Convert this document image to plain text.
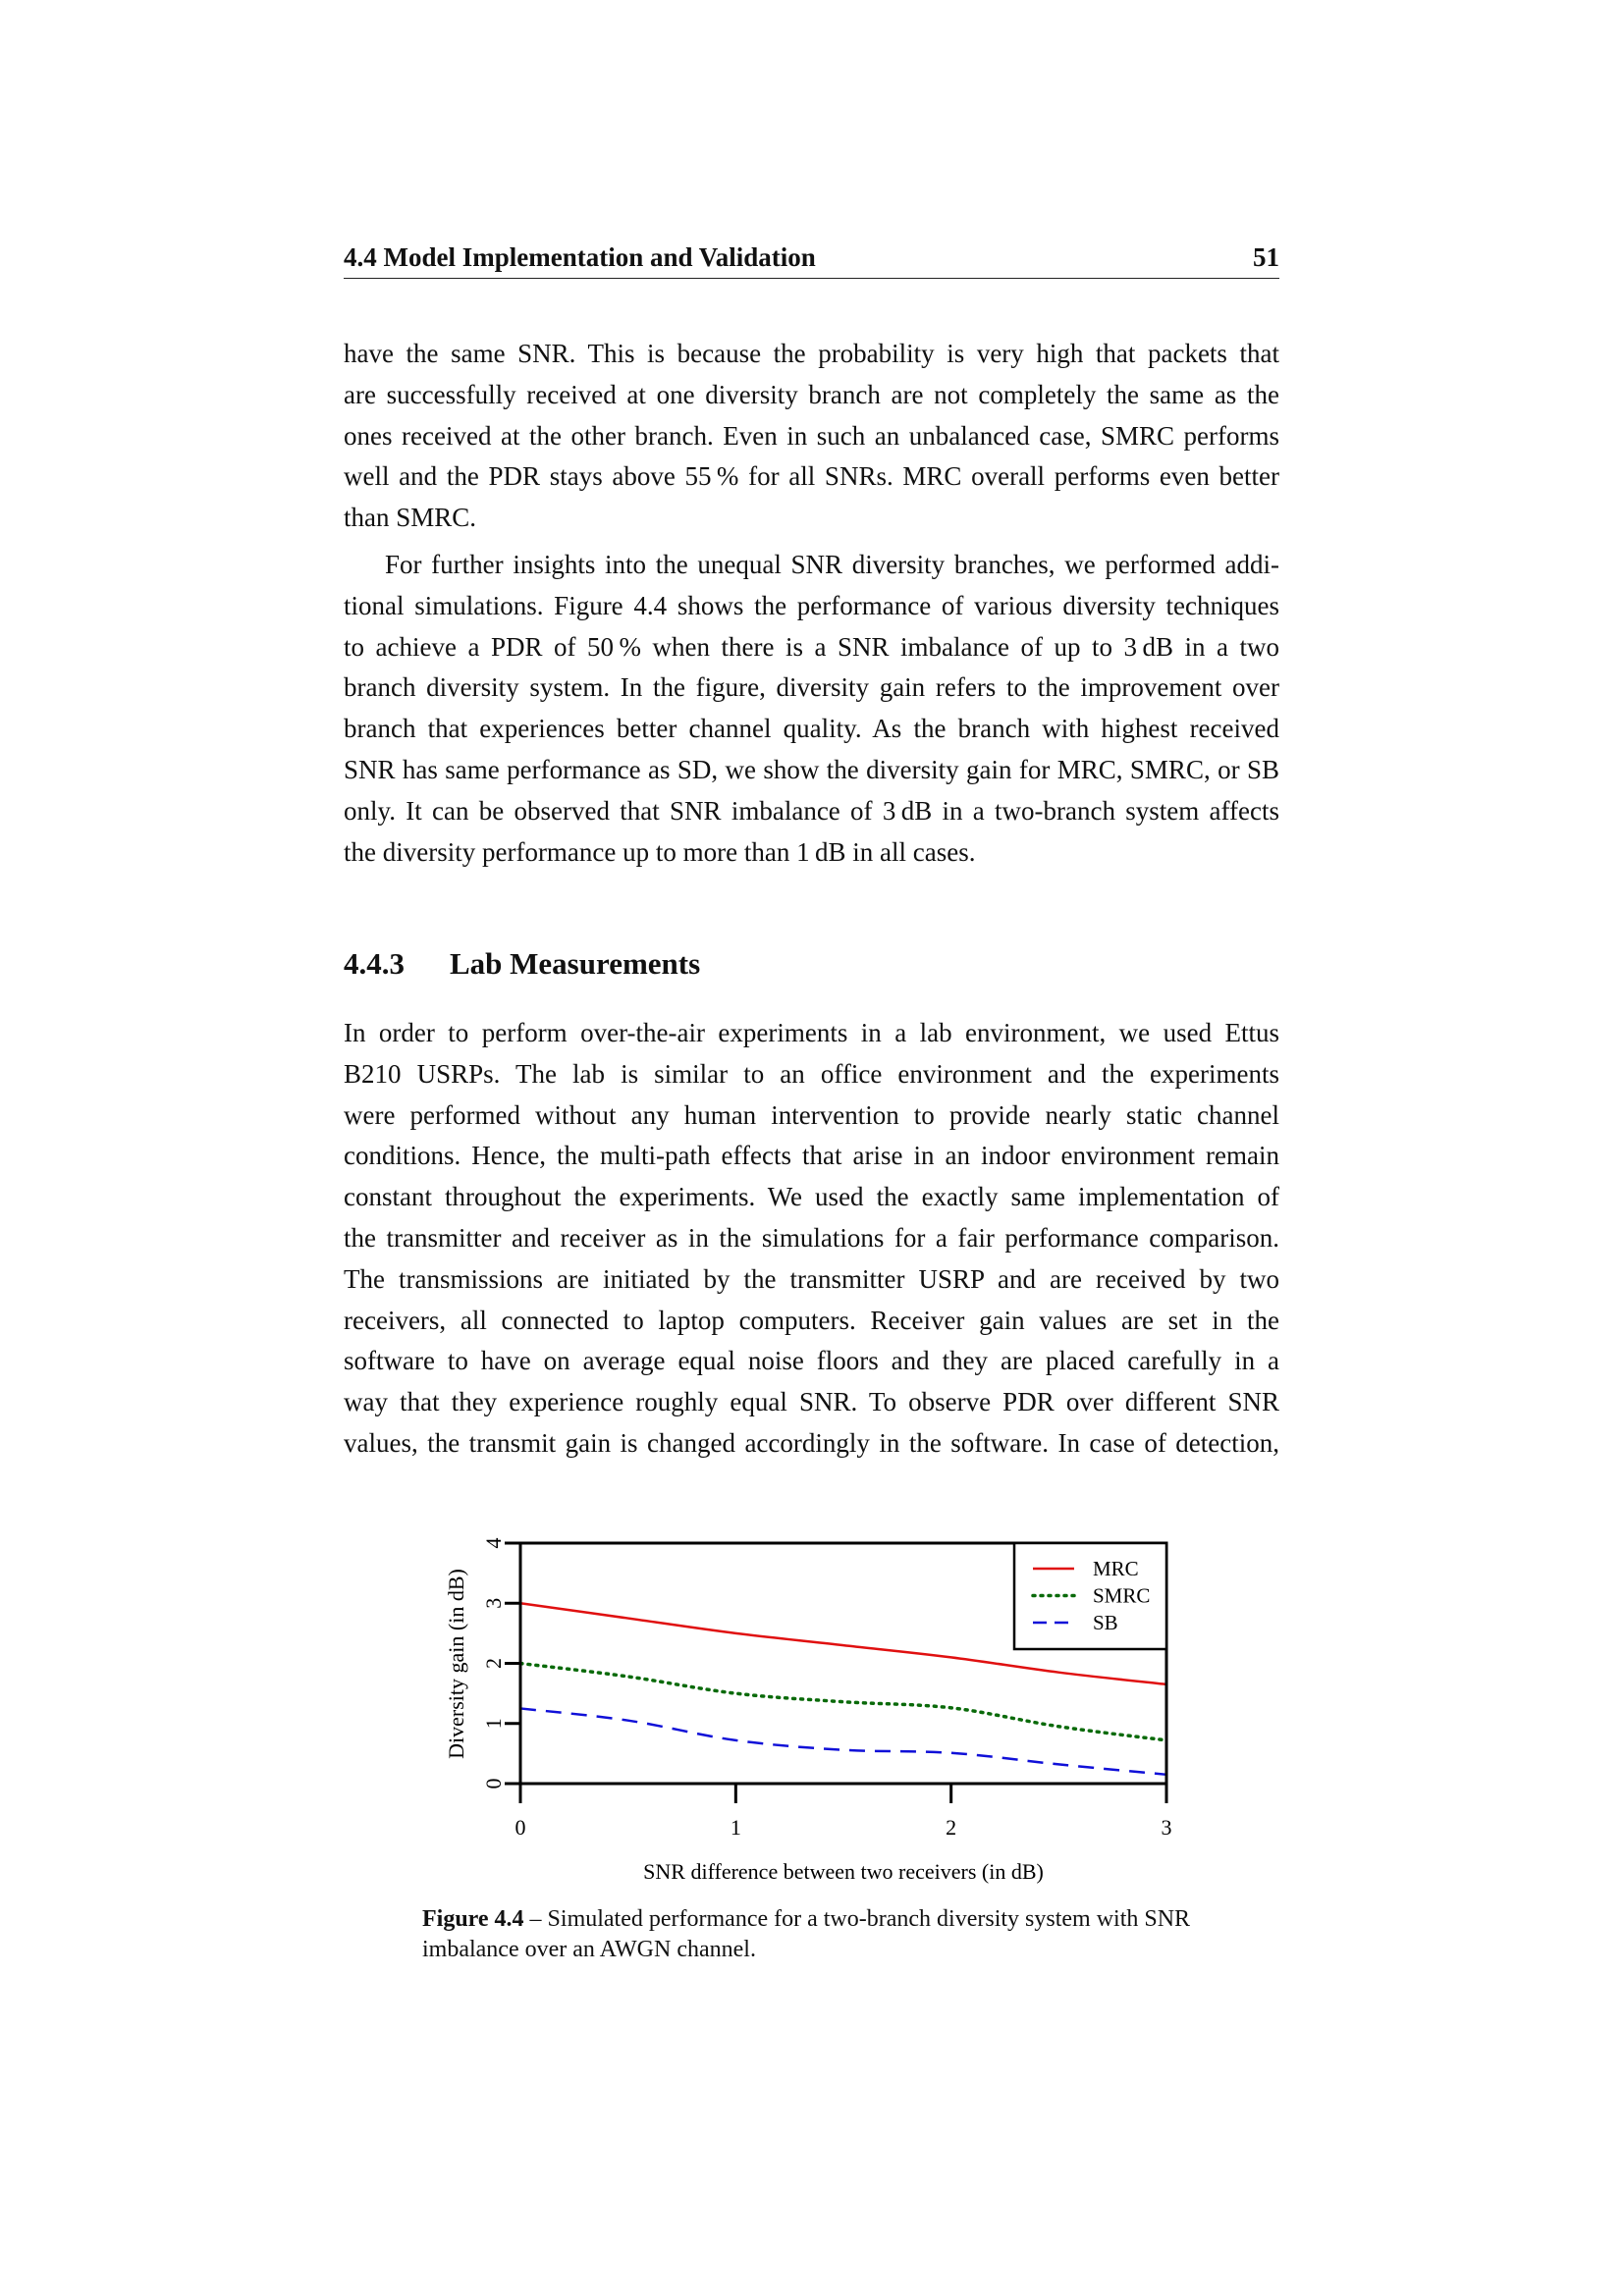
4.4 Model Implementation and Validation	51
have the same SNR. This is because the probability is very high that packets that
are successfully received at one diversity branch are not completely the same as the
ones received at the other branch. Even in such an unbalanced case, SMRC performs
well and the PDR stays above 55 % for all SNRs. MRC overall performs even better
than SMRC.
For further insights into the unequal SNR diversity branches, we performed addi-
tional simulations. Figure 4.4 shows the performance of various diversity techniques
to achieve a PDR of 50 % when there is a SNR imbalance of up to 3 dB in a two
branch diversity system. In the figure, diversity gain refers to the improvement over
branch that experiences better channel quality. As the branch with highest received
SNR has same performance as SD, we show the diversity gain for MRC, SMRC, or SB
only. It can be observed that SNR imbalance of 3 dB in a two-branch system affects
the diversity performance up to more than 1 dB in all cases.
4.4.3 Lab Measurements
In order to perform over-the-air experiments in a lab environment, we used Ettus
B210 USRPs. The lab is similar to an office environment and the experiments
were performed without any human intervention to provide nearly static channel
conditions. Hence, the multi-path effects that arise in an indoor environment remain
constant throughout the experiments. We used the exactly same implementation of
the transmitter and receiver as in the simulations for a fair performance comparison.
The transmissions are initiated by the transmitter USRP and are received by two
receivers, all connected to laptop computers. Receiver gain values are set in the
software to have on average equal noise floors and they are placed carefully in a
way that they experience roughly equal SNR. To observe PDR over different SNR
values, the transmit gain is changed accordingly in the software. In case of detection,
0
1
2
3
4
0	1	2	3
Diversity gain (in dB)
SNR difference between two receivers (in dB)
MRC
SMRC
SB
Figure 4.4 – Simulated performance for a two-branch diversity system with SNR imbalance over an AWGN channel.
